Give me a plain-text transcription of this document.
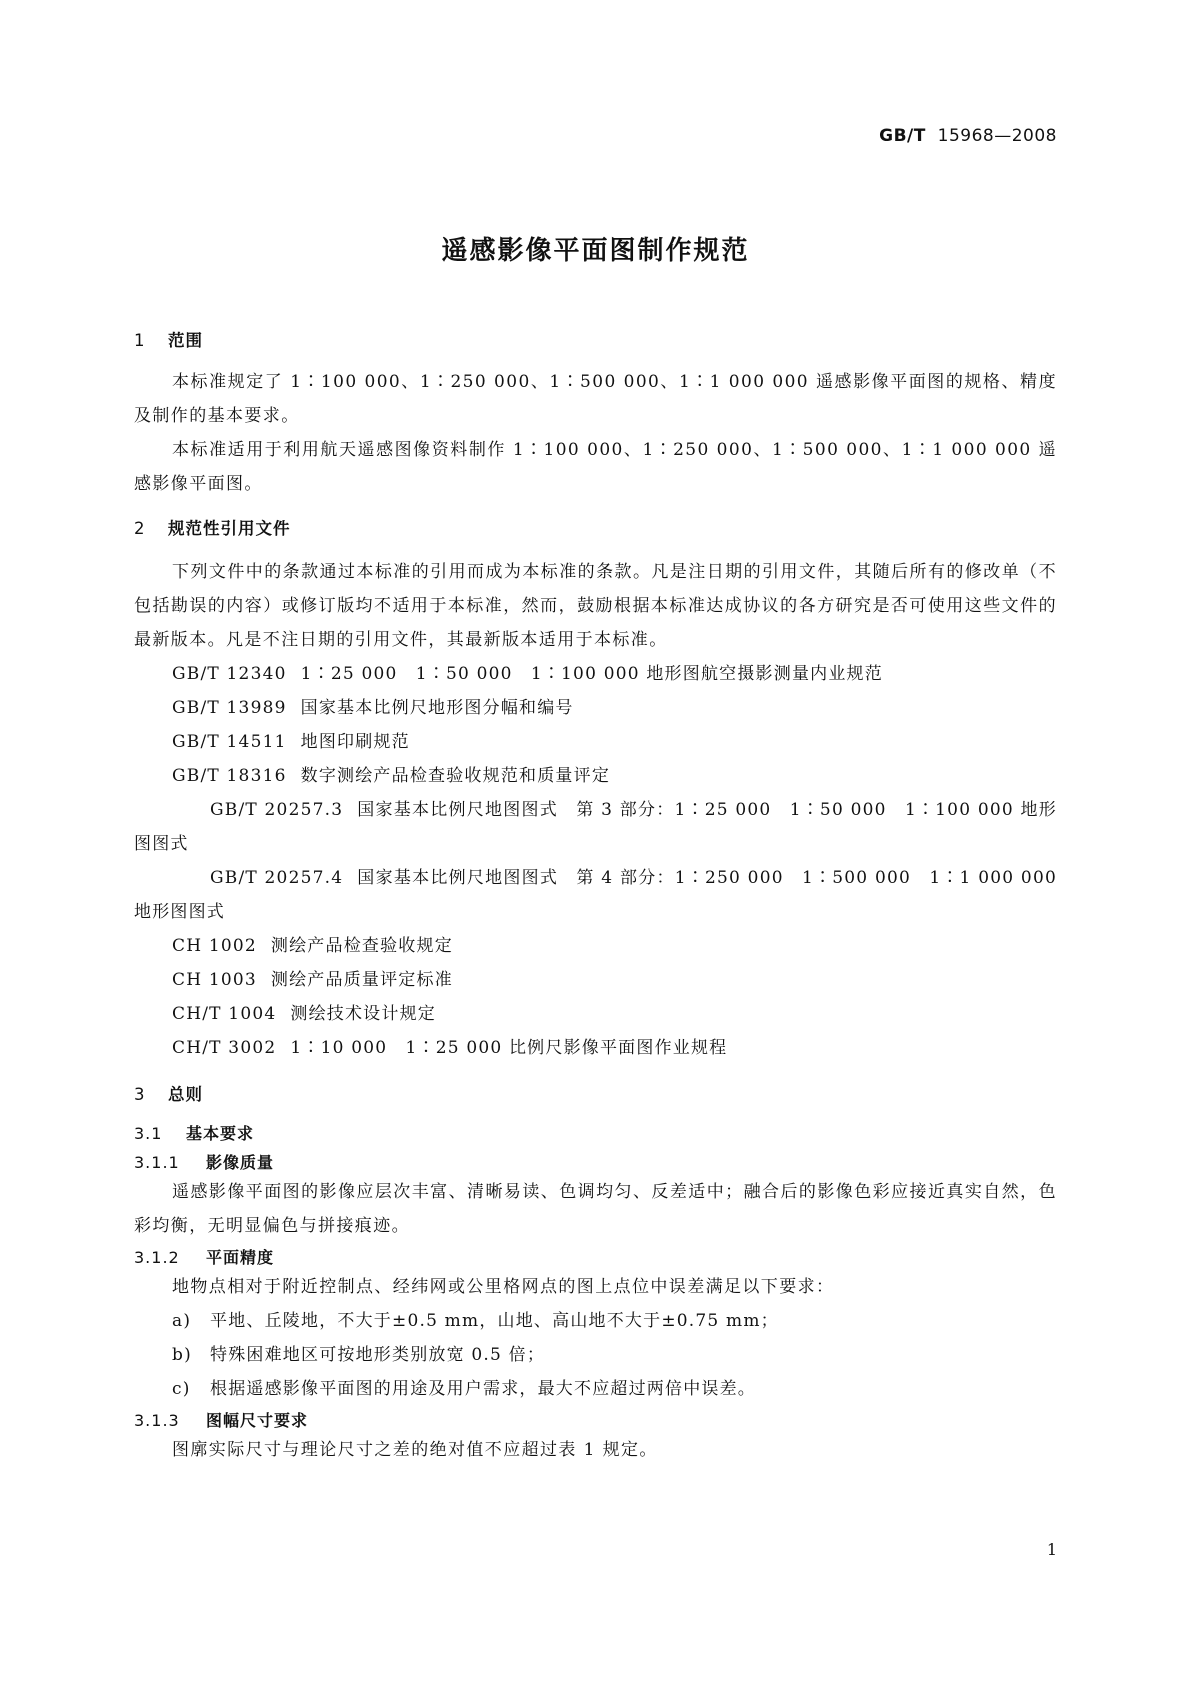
GB/T 15968—2008
遥感影像平面图制作规范
1 范围

本标准规定了 1∶100 000、1∶250 000、1∶500 000、1∶1 000 000 遥感影像平面图的规格、精度及制作的基本要求。

本标准适用于利用航天遥感图像资料制作 1∶100 000、1∶250 000、1∶500 000、1∶1 000 000 遥感影像平面图。

2 规范性引用文件

下列文件中的条款通过本标准的引用而成为本标准的条款。凡是注日期的引用文件，其随后所有的修改单（不包括勘误的内容）或修订版均不适用于本标准，然而，鼓励根据本标准达成协议的各方研究是否可使用这些文件的最新版本。凡是不注日期的引用文件，其最新版本适用于本标准。

GB/T 12340 1∶25 000　1∶50 000　1∶100 000 地形图航空摄影测量内业规范
GB/T 13989 国家基本比例尺地形图分幅和编号
GB/T 14511 地图印刷规范
GB/T 18316 数字测绘产品检查验收规范和质量评定

GB/T 20257.3 国家基本比例尺地图图式　第 3 部分：1∶25 000　1∶50 000　1∶100 000 地形图图式

GB/T 20257.4 国家基本比例尺地图图式　第 4 部分：1∶250 000　1∶500 000　1∶1 000 000 地形图图式

CH 1002 测绘产品检查验收规定
CH 1003 测绘产品质量评定标准
CH/T 1004 测绘技术设计规定
CH/T 3002 1∶10 000　1∶25 000 比例尺影像平面图作业规程
3 总则
3.1 基本要求
3.1.1 影像质量

遥感影像平面图的影像应层次丰富、清晰易读、色调均匀、反差适中；融合后的影像色彩应接近真实自然，色彩均衡，无明显偏色与拼接痕迹。

3.1.2 平面精度

地物点相对于附近控制点、经纬网或公里格网点的图上点位中误差满足以下要求：

a) 平地、丘陵地，不大于±0.5 mm，山地、高山地不大于±0.75 mm；
b) 特殊困难地区可按地形类别放宽 0.5 倍；
c) 根据遥感影像平面图的用途及用户需求，最大不应超过两倍中误差。
3.1.3 图幅尺寸要求

图廓实际尺寸与理论尺寸之差的绝对值不应超过表 1 规定。

1
